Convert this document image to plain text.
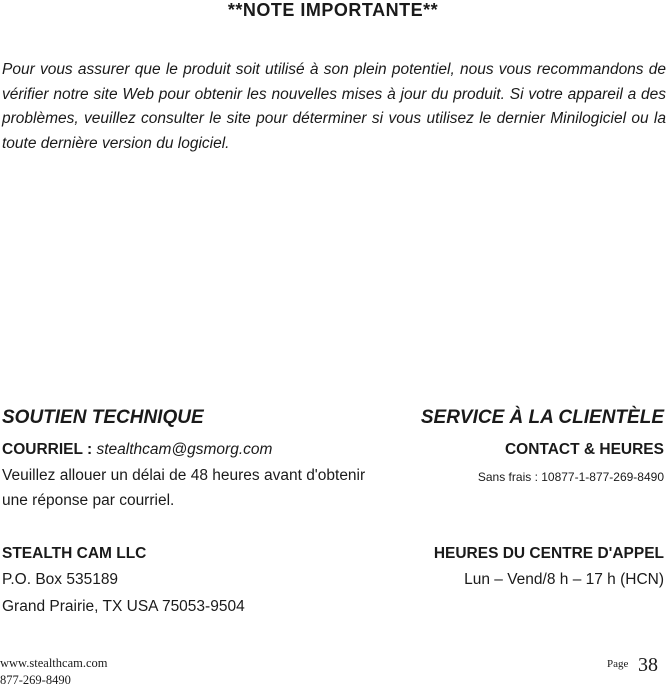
**NOTE IMPORTANTE**
Pour vous assurer que le produit soit utilisé à son plein potentiel, nous vous recommandons de vérifier notre site Web pour obtenir les nouvelles mises à jour du produit. Si votre appareil a des problèmes, veuillez consulter le site pour déterminer si vous utilisez le dernier Minilogiciel ou la toute dernière version du logiciel.
SOUTIEN TECHNIQUE
COURRIEL : stealthcam@gsmorg.com
Veuillez allouer un délai de 48 heures avant d'obtenir
une réponse par courriel.
STEALTH CAM LLC
P.O. Box 535189
Grand Prairie, TX USA 75053-9504
SERVICE À LA CLIENTÈLE
CONTACT & HEURES
Sans frais : 10877-1-877-269-8490
HEURES DU CENTRE D'APPEL
Lun – Vend/8 h – 17 h (HCN)
www.stealthcam.com
877-269-8490
Page 38
